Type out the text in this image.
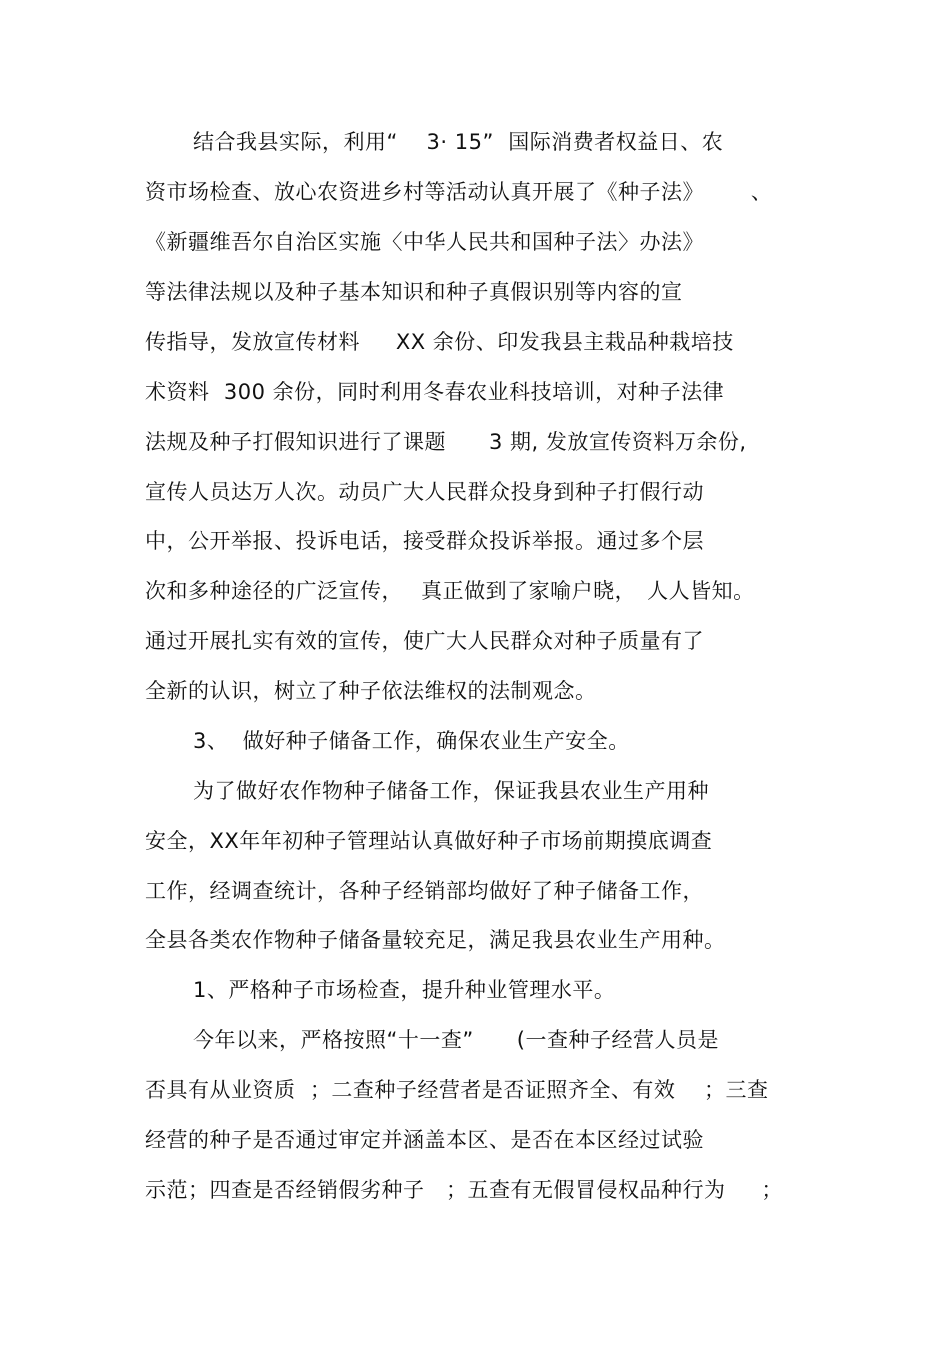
结合我县实际，利用“　 3· 15”  国际消费者权益日、农
资市场检查、放心农资进乡村等活动认真开展了《种子法》　　  、
《新疆维吾尔自治区实施〈中华人民共和国种子法〉办法》
等法律法规以及种子基本知识和种子真假识别等内容的宣
传指导，发放宣传材料　  XX 余份、印发我县主栽品种栽培技
术资料  300 余份，同时利用冬春农业科技培训，对种子法律
法规及种子打假知识进行了课题　   3 期, 发放宣传资料万余份,
宣传人员达万人次。动员广大人民群众投身到种子打假行动
中，公开举报、投诉电话，接受群众投诉举报。通过多个层
次和多种途径的广泛宣传，　 真正做到了家喻户晓，　人人皆知。
通过开展扎实有效的宣传，使广大人民群众对种子质量有了
全新的认识，树立了种子依法维权的法制观念。
3、  做好种子储备工作，确保农业生产安全。
为了做好农作物种子储备工作，保证我县农业生产用种
安全，XX年年初种子管理站认真做好种子市场前期摸底调查
工作，经调查统计，各种子经销部均做好了种子储备工作，
全县各类农作物种子储备量较充足，满足我县农业生产用种。
1、严格种子市场检查，提升种业管理水平。
今年以来，严格按照“十一查”　   (一查种子经营人员是
否具有从业资质  ；二查种子经营者是否证照齐全、有效　 ；三查
经营的种子是否通过审定并涵盖本区、是否在本区经过试验
示范；四查是否经销假劣种子　；五查有无假冒侵权品种行为　  ；
